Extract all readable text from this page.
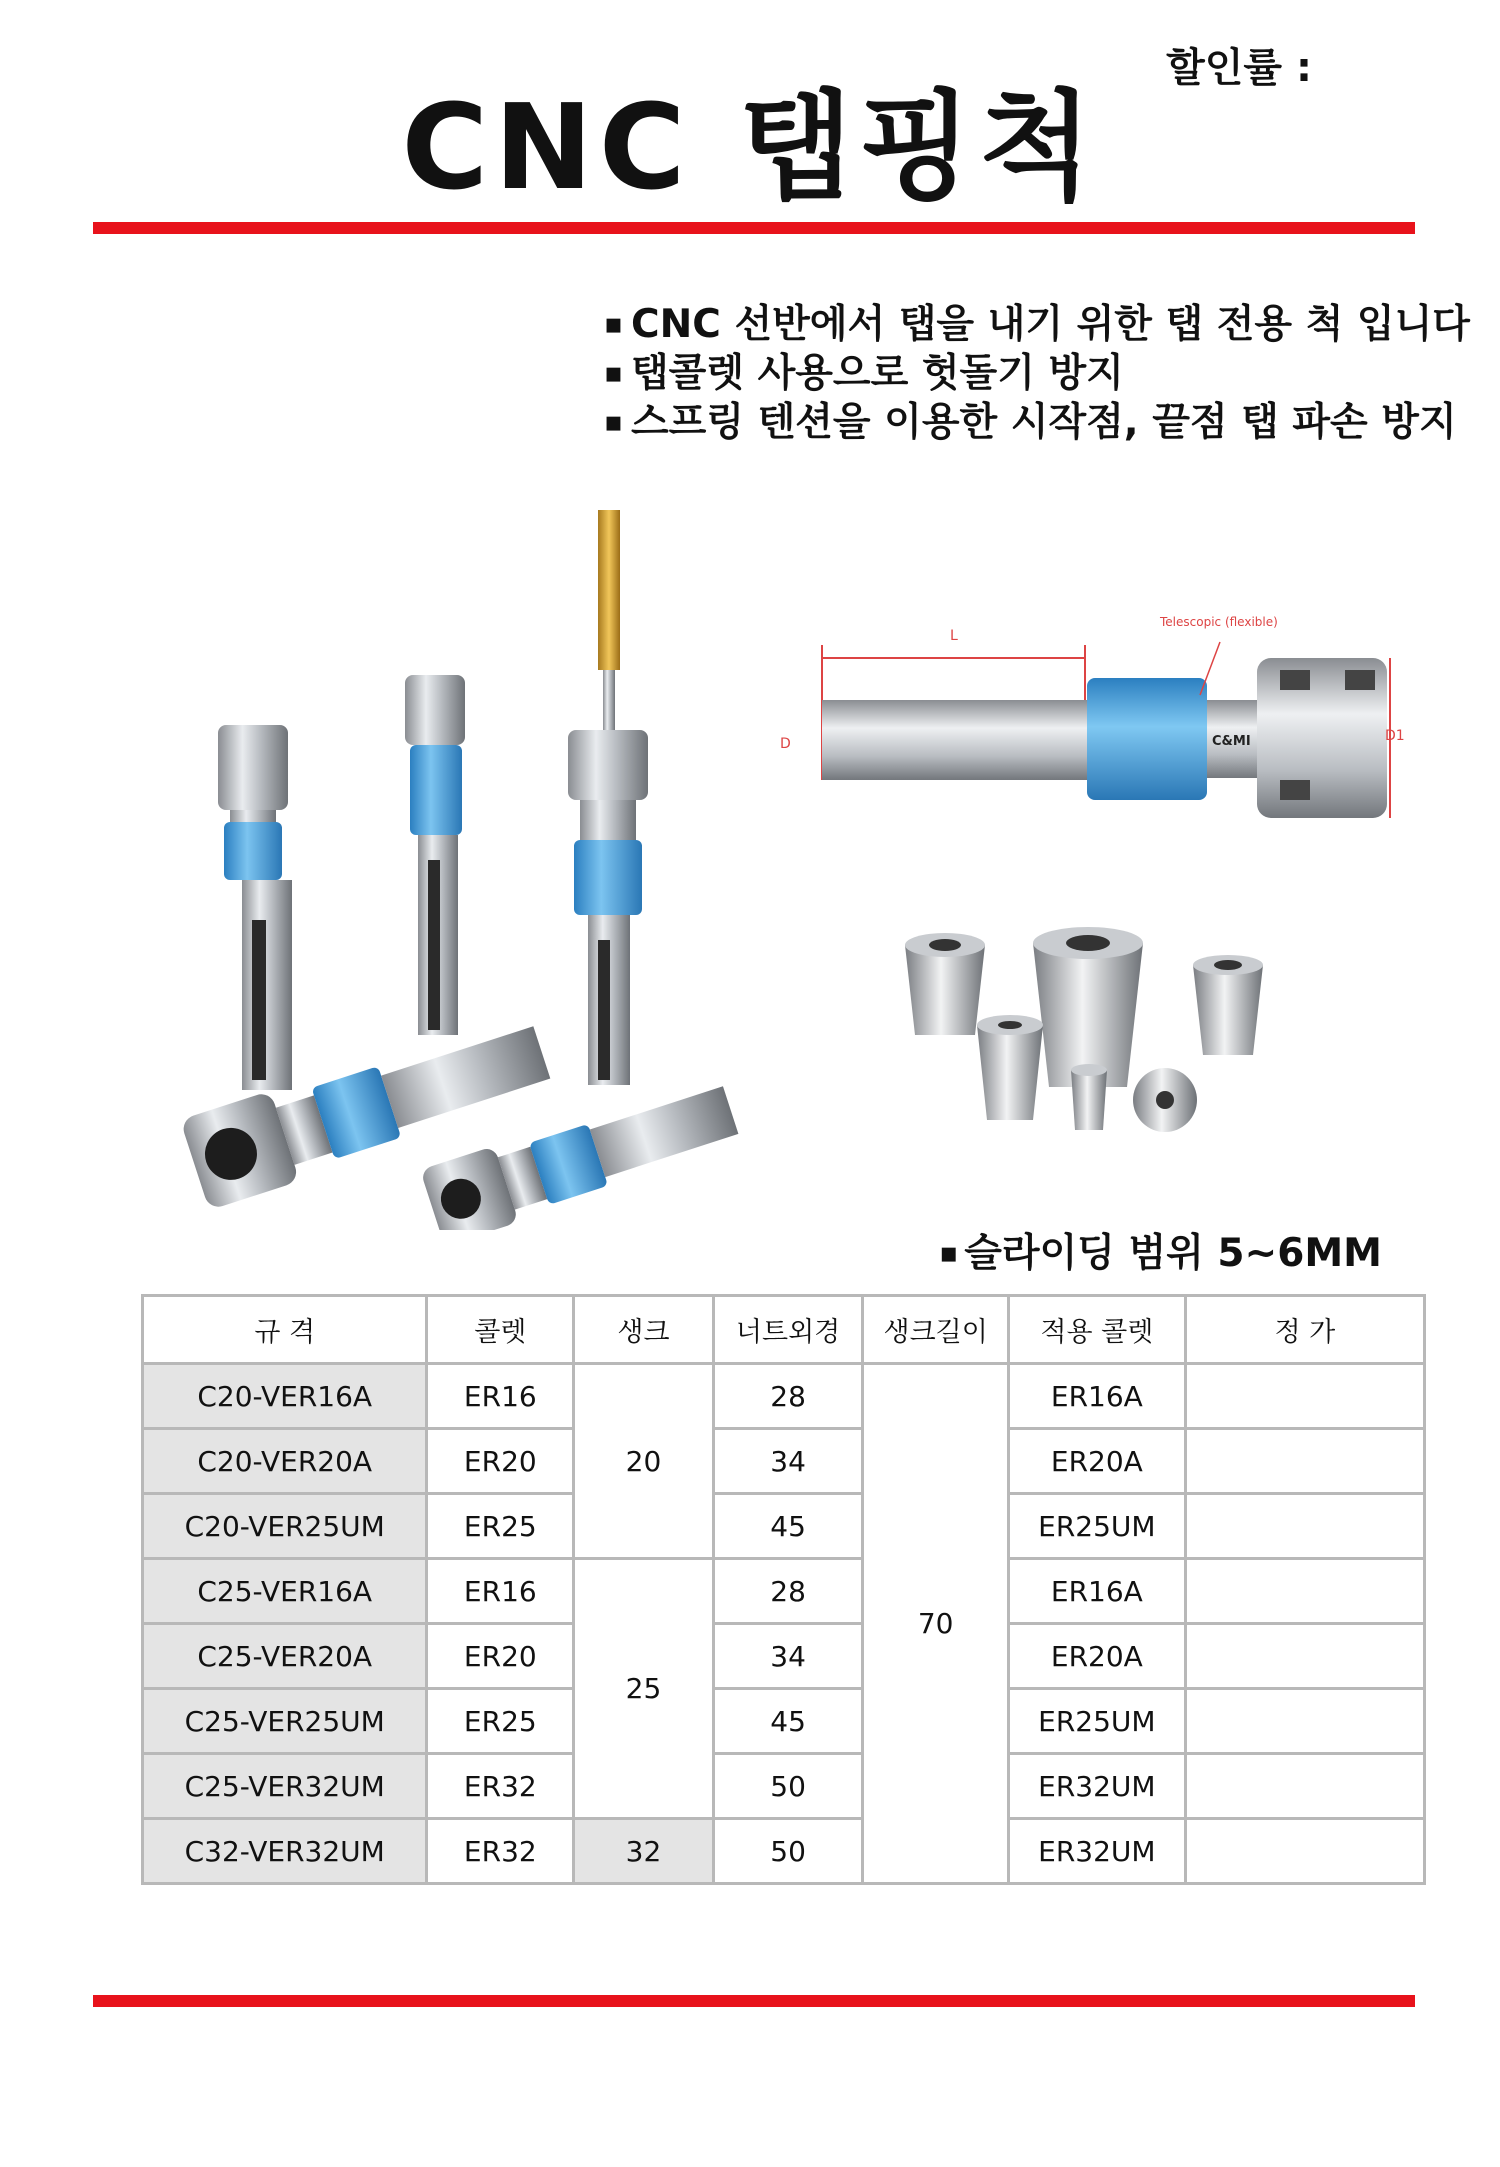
할인률 :
CNC 탭핑척
▪ CNC 선반에서 탭을 내기 위한 탭 전용 척 입니다
▪ 탭콜렛 사용으로 헛돌기 방지
▪ 스프링 텐션을 이용한 시작점, 끝점 탭 파손 방지
L
D	C&MI
Telescopic (flexible)
D1
▪ 슬라이딩 범위 5~6MM
규 격	콜렛	생크	너트외경	생크길이	적용 콜렛	정 가
C20-VER16A	ER16	20	28	70	ER16A	
C20-VER20A	ER20		34		ER20A	
C20-VER25UM	ER25		45		ER25UM	
C25-VER16A	ER16	25	28		ER16A	
C25-VER20A	ER20		34		ER20A	
C25-VER25UM	ER25		45		ER25UM	
C25-VER32UM	ER32		50		ER32UM	
C32-VER32UM	ER32	32	50		ER32UM	
